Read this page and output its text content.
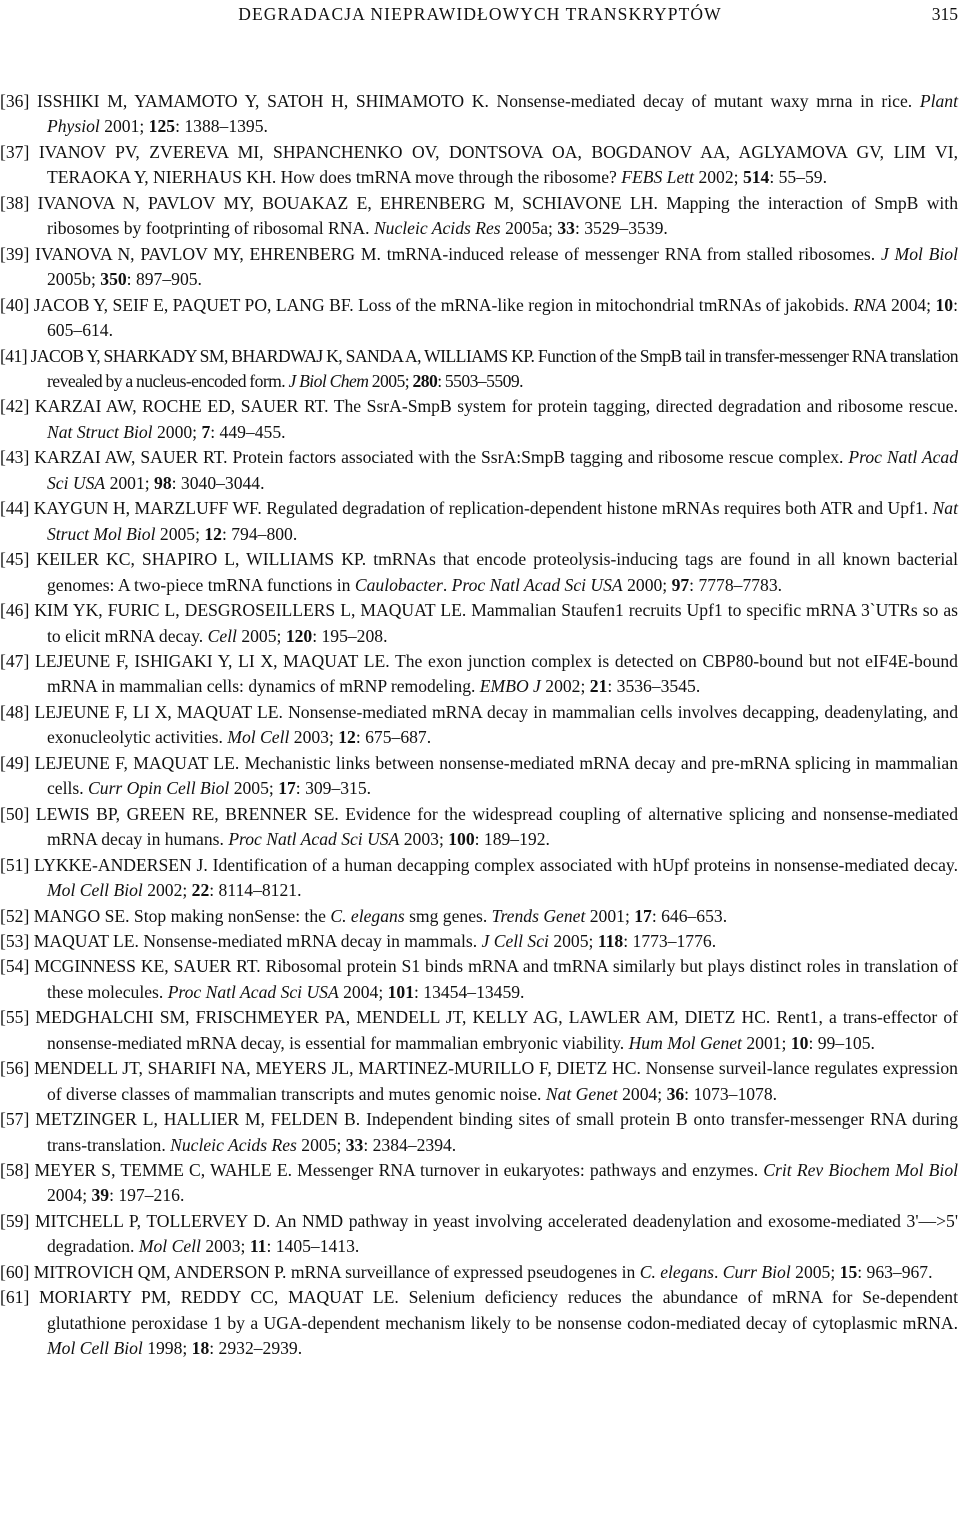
DEGRADACJA NIEPRAWIDŁOWYCH TRANSKRYPTÓW	315
[36] ISSHIKI M, YAMAMOTO Y, SATOH H, SHIMAMOTO K. Nonsense-mediated decay of mutant waxy mrna in rice. Plant Physiol 2001; 125: 1388–1395.
[37] IVANOV PV, ZVEREVA MI, SHPANCHENKO OV, DONTSOVA OA, BOGDANOV AA, AGLYAMOVA GV, LIM VI, TERAOKA Y, NIERHAUS KH. How does tmRNA move through the ribosome? FEBS Lett 2002; 514: 55–59.
[38] IVANOVA N, PAVLOV MY, BOUAKAZ E, EHRENBERG M, SCHIAVONE LH. Mapping the interaction of SmpB with ribosomes by footprinting of ribosomal RNA. Nucleic Acids Res 2005a; 33: 3529–3539.
[39] IVANOVA N, PAVLOV MY, EHRENBERG M. tmRNA-induced release of messenger RNA from stalled ribosomes. J Mol Biol 2005b; 350: 897–905.
[40] JACOB Y, SEIF E, PAQUET PO, LANG BF. Loss of the mRNA-like region in mitochondrial tmRNAs of jakobids. RNA 2004; 10: 605–614.
[41] JACOB Y, SHARKADY SM, BHARDWAJ K, SANDA A, WILLIAMS KP. Function of the SmpB tail in transfer-messenger RNA translation revealed by a nucleus-encoded form. J Biol Chem 2005; 280: 5503–5509.
[42] KARZAI AW, ROCHE ED, SAUER RT. The SsrA-SmpB system for protein tagging, directed degradation and ribosome rescue. Nat Struct Biol 2000; 7: 449–455.
[43] KARZAI AW, SAUER RT. Protein factors associated with the SsrA:SmpB tagging and ribosome rescue complex. Proc Natl Acad Sci USA 2001; 98: 3040–3044.
[44] KAYGUN H, MARZLUFF WF. Regulated degradation of replication-dependent histone mRNAs requires both ATR and Upf1. Nat Struct Mol Biol 2005; 12: 794–800.
[45] KEILER KC, SHAPIRO L, WILLIAMS KP. tmRNAs that encode proteolysis-inducing tags are found in all known bacterial genomes: A two-piece tmRNA functions in Caulobacter. Proc Natl Acad Sci USA 2000; 97: 7778–7783.
[46] KIM YK, FURIC L, DESGROSEILLERS L, MAQUAT LE. Mammalian Staufen1 recruits Upf1 to specific mRNA 3`UTRs so as to elicit mRNA decay. Cell 2005; 120: 195–208.
[47] LEJEUNE F, ISHIGAKI Y, LI X, MAQUAT LE. The exon junction complex is detected on CBP80-bound but not eIF4E-bound mRNA in mammalian cells: dynamics of mRNP remodeling. EMBO J 2002; 21: 3536–3545.
[48] LEJEUNE F, LI X, MAQUAT LE. Nonsense-mediated mRNA decay in mammalian cells involves decapping, deadenylating, and exonucleolytic activities. Mol Cell 2003; 12: 675–687.
[49] LEJEUNE F, MAQUAT LE. Mechanistic links between nonsense-mediated mRNA decay and pre-mRNA splicing in mammalian cells. Curr Opin Cell Biol 2005; 17: 309–315.
[50] LEWIS BP, GREEN RE, BRENNER SE. Evidence for the widespread coupling of alternative splicing and nonsense-mediated mRNA decay in humans. Proc Natl Acad Sci USA 2003; 100: 189–192.
[51] LYKKE-ANDERSEN J. Identification of a human decapping complex associated with hUpf proteins in nonsense-mediated decay. Mol Cell Biol 2002; 22: 8114–8121.
[52] MANGO SE. Stop making nonSense: the C. elegans smg genes. Trends Genet 2001; 17: 646–653.
[53] MAQUAT LE. Nonsense-mediated mRNA decay in mammals. J Cell Sci 2005; 118: 1773–1776.
[54] MCGINNESS KE, SAUER RT. Ribosomal protein S1 binds mRNA and tmRNA similarly but plays distinct roles in translation of these molecules. Proc Natl Acad Sci USA 2004; 101: 13454–13459.
[55] MEDGHALCHI SM, FRISCHMEYER PA, MENDELL JT, KELLY AG, LAWLER AM, DIETZ HC. Rent1, a trans-effector of nonsense-mediated mRNA decay, is essential for mammalian embryonic viability. Hum Mol Genet 2001; 10: 99–105.
[56] MENDELL JT, SHARIFI NA, MEYERS JL, MARTINEZ-MURILLO F, DIETZ HC. Nonsense surveil-lance regulates expression of diverse classes of mammalian transcripts and mutes genomic noise. Nat Genet 2004; 36: 1073–1078.
[57] METZINGER L, HALLIER M, FELDEN B. Independent binding sites of small protein B onto transfer-messenger RNA during trans-translation. Nucleic Acids Res 2005; 33: 2384–2394.
[58] MEYER S, TEMME C, WAHLE E. Messenger RNA turnover in eukaryotes: pathways and enzymes. Crit Rev Biochem Mol Biol 2004; 39: 197–216.
[59] MITCHELL P, TOLLERVEY D. An NMD pathway in yeast involving accelerated deadenylation and exosome-mediated 3'—>5' degradation. Mol Cell 2003; 11: 1405–1413.
[60] MITROVICH QM, ANDERSON P. mRNA surveillance of expressed pseudogenes in C. elegans. Curr Biol 2005; 15: 963–967.
[61] MORIARTY PM, REDDY CC, MAQUAT LE. Selenium deficiency reduces the abundance of mRNA for Se-dependent glutathione peroxidase 1 by a UGA-dependent mechanism likely to be nonsense codon-mediated decay of cytoplasmic mRNA. Mol Cell Biol 1998; 18: 2932–2939.
